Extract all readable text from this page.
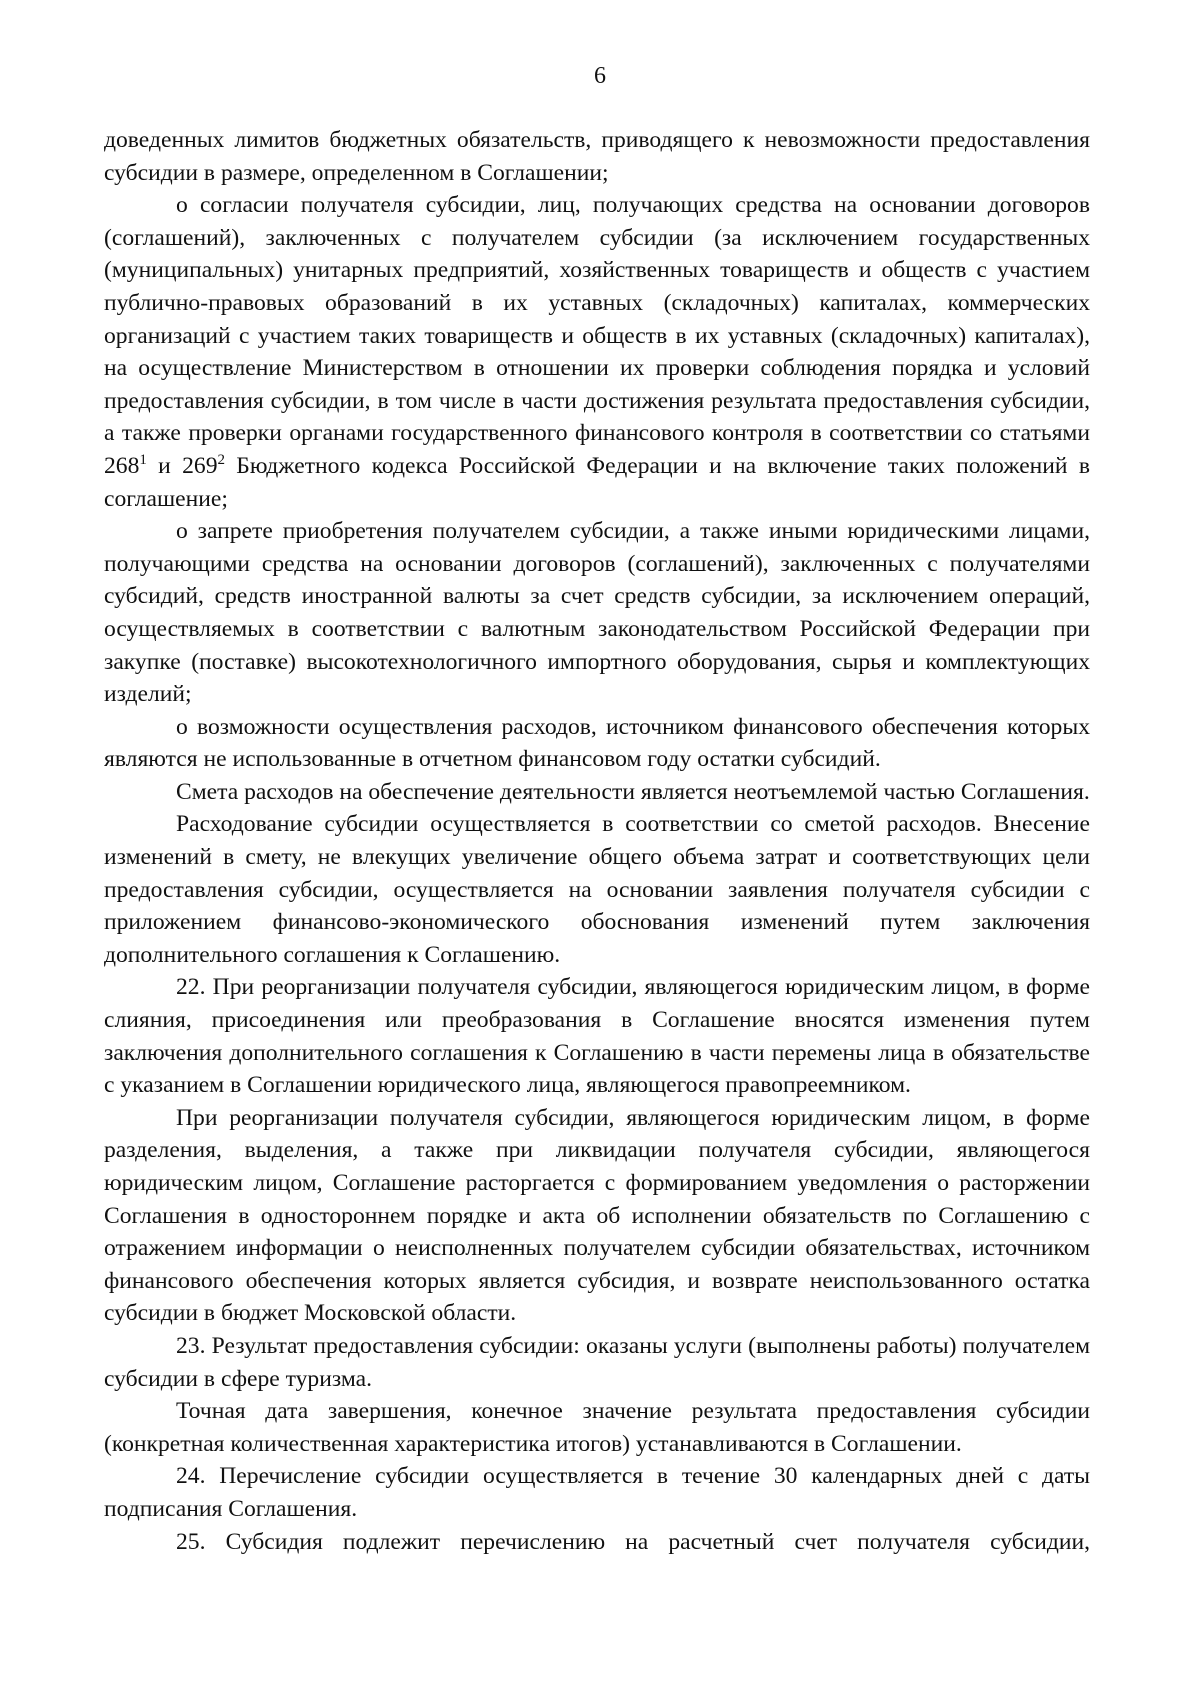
6

доведенных лимитов бюджетных обязательств, приводящего к невозможности предоставления субсидии в размере, определенном в Соглашении;

о согласии получателя субсидии, лиц, получающих средства на основании договоров (соглашений), заключенных с получателем субсидии (за исключением государственных (муниципальных) унитарных предприятий, хозяйственных товариществ и обществ с участием публично-правовых образований в их уставных (складочных) капиталах, коммерческих организаций с участием таких товариществ и обществ в их уставных (складочных) капиталах), на осуществление Министерством в отношении их проверки соблюдения порядка и условий предоставления субсидии, в том числе в части достижения результата предоставления субсидии, а также проверки органами государственного финансового контроля в соответствии со статьями $268^1$ и $269^2$ Бюджетного кодекса Российской Федерации и на включение таких положений в соглашение;

о запрете приобретения получателем субсидии, а также иными юридическими лицами, получающими средства на основании договоров (соглашений), заключенных с получателями субсидий, средств иностранной валюты за счет средств субсидии, за исключением операций, осуществляемых в соответствии с валютным законодательством Российской Федерации при закупке (поставке) высокотехнологичного импортного оборудования, сырья и комплектующих изделий;

о возможности осуществления расходов, источником финансового обеспечения которых являются не использованные в отчетном финансовом году остатки субсидий.

Смета расходов на обеспечение деятельности является неотъемлемой частью Соглашения.

Расходование субсидии осуществляется в соответствии со сметой расходов. Внесение изменений в смету, не влекущих увеличение общего объема затрат и соответствующих цели предоставления субсидии, осуществляется на основании заявления получателя субсидии с приложением финансово-экономического обоснования изменений путем заключения дополнительного соглашения к Соглашению.

22. При реорганизации получателя субсидии, являющегося юридическим лицом, в форме слияния, присоединения или преобразования в Соглашение вносятся изменения путем заключения дополнительного соглашения к Соглашению в части перемены лица в обязательстве с указанием в Соглашении юридического лица, являющегося правопреемником.

При реорганизации получателя субсидии, являющегося юридическим лицом, в форме разделения, выделения, а также при ликвидации получателя субсидии, являющегося юридическим лицом, Соглашение расторгается с формированием уведомления о расторжении Соглашения в одностороннем порядке и акта об исполнении обязательств по Соглашению с отражением информации о неисполненных получателем субсидии обязательствах, источником финансового обеспечения которых является субсидия, и возврате неиспользованного остатка субсидии в бюджет Московской области.

23. Результат предоставления субсидии: оказаны услуги (выполнены работы) получателем субсидии в сфере туризма.

Точная дата завершения, конечное значение результата предоставления субсидии (конкретная количественная характеристика итогов) устанавливаются в Соглашении.

24. Перечисление субсидии осуществляется в течение 30 календарных дней с даты подписания Соглашения.

25. Субсидия подлежит перечислению на расчетный счет получателя субсидии,
